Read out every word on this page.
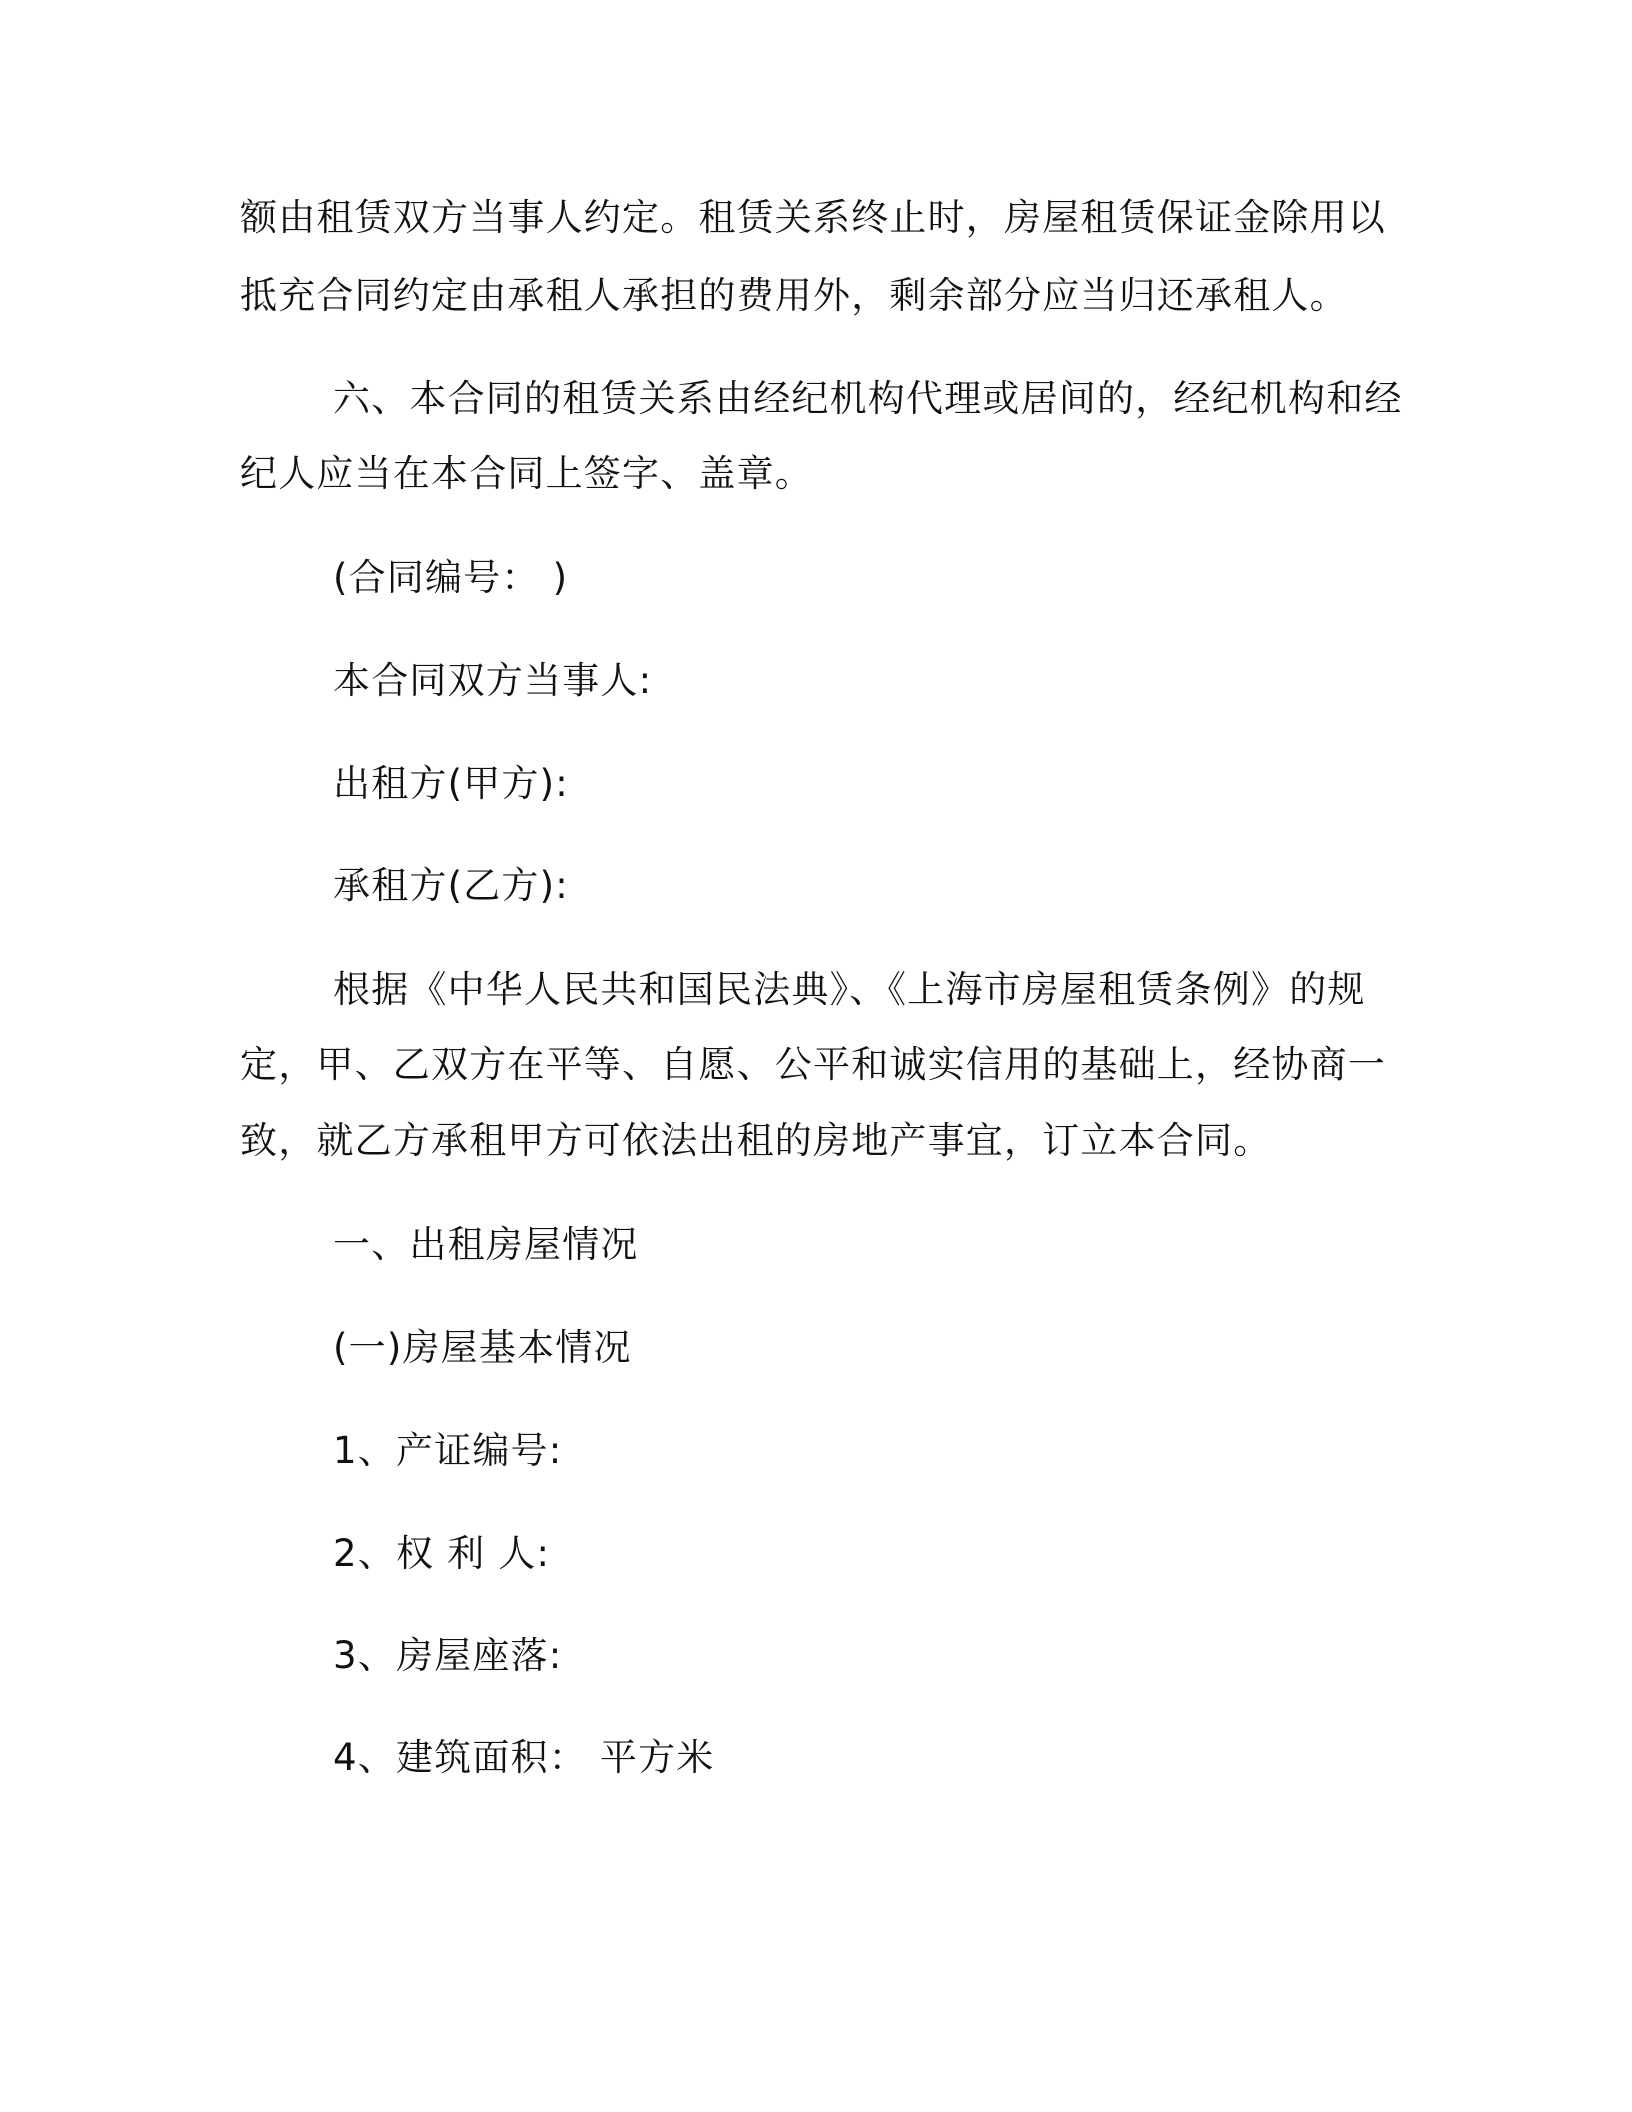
额由租赁双方当事人约定。租赁关系终止时，房屋租赁保证金除用以
抵充合同约定由承租人承担的费用外，剩余部分应当归还承租人。
六、本合同的租赁关系由经纪机构代理或居间的，经纪机构和经
纪人应当在本合同上签字、盖章。
(合同编号： )
本合同双方当事人:
出租方(甲方):
承租方(乙方):
根据《中华人民共和国民法典》、《上海市房屋租赁条例》的规
定，甲、乙双方在平等、自愿、公平和诚实信用的基础上，经协商一
致，就乙方承租甲方可依法出租的房地产事宜，订立本合同。
一、出租房屋情况
(一)房屋基本情况
1、产证编号:
2、权 利 人:
3、房屋座落:
4、建筑面积： 平方米
